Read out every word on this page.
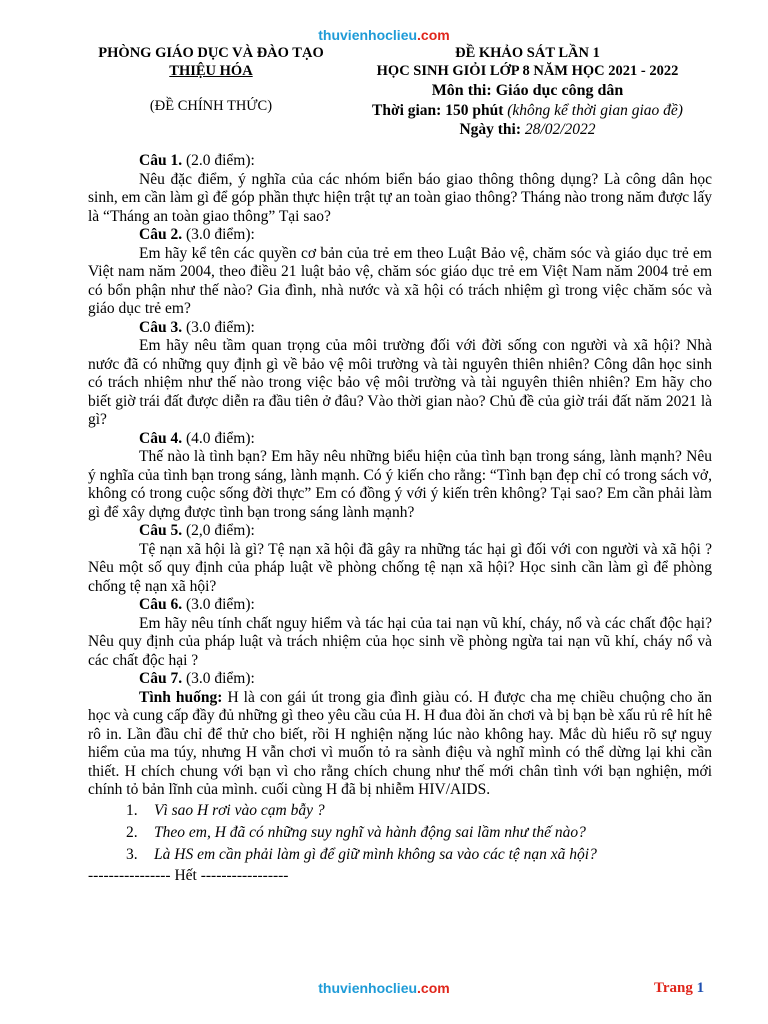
thuvienhoclieu.com
PHÒNG GIÁO DỤC VÀ ĐÀO TẠO
THIỆU HÓA
(ĐỀ CHÍNH THỨC)
ĐỀ KHẢO SÁT LẦN 1
HỌC SINH GIỎI LỚP 8 NĂM HỌC 2021 - 2022
Môn thi: Giáo dục công dân
Thời gian: 150 phút (không kể thời gian giao đề)
Ngày thi: 28/02/2022

Câu 1. (2.0 điểm):

Nêu đặc điểm, ý nghĩa của các nhóm biển báo giao thông thông dụng? Là công dân học sinh, em cần làm gì để góp phần thực hiện trật tự an toàn giao thông? Tháng nào trong năm được lấy là “Tháng an toàn giao thông” Tại sao?

Câu 2. (3.0 điểm):

Em hãy kể tên các quyền cơ bản của trẻ em theo Luật Bảo vệ, chăm sóc và giáo dục trẻ em Việt nam năm 2004, theo điều 21 luật bảo vệ, chăm sóc giáo dục trẻ em Việt Nam năm 2004 trẻ em có bổn phận như thế nào? Gia đình, nhà nước và xã hội có trách nhiệm gì trong việc chăm sóc và giáo dục trẻ em?

Câu 3. (3.0 điểm):

Em hãy nêu tầm quan trọng của môi trường đối với đời sống con người và xã hội? Nhà nước đã có những quy định gì về bảo vệ môi trường và tài nguyên thiên nhiên? Công dân học sinh có trách nhiệm như thế nào trong việc bảo vệ môi trường và tài nguyên thiên nhiên? Em hãy cho biết giờ trái đất được diễn ra đầu tiên ở đâu? Vào thời gian nào? Chủ đề của giờ trái đất năm 2021 là gì?

Câu 4. (4.0 điểm):

Thế nào là tình bạn? Em hãy nêu những biểu hiện của tình bạn trong sáng, lành mạnh? Nêu ý nghĩa của tình bạn trong sáng, lành mạnh. Có ý kiến cho rằng: “Tình bạn đẹp chỉ có trong sách vở, không có trong cuộc sống đời thực” Em có đồng ý với ý kiến trên không? Tại sao? Em cần phải làm gì để xây dựng được tình bạn trong sáng lành mạnh?

Câu 5. (2,0 điểm):

Tệ nạn xã hội là gì? Tệ nạn xã hội đã gây ra những tác hại gì đối với con người và xã hội ? Nêu một số quy định của pháp luật về phòng chống tệ nạn xã hội? Học sinh cần làm gì để phòng chống tệ nạn xã hội?

Câu 6. (3.0 điểm):

Em hãy nêu tính chất nguy hiểm và tác hại của tai nạn vũ khí, cháy, nổ và các chất độc hại? Nêu quy định của pháp luật và trách nhiệm của học sinh về phòng ngừa tai nạn vũ khí, cháy nổ và các chất độc hại ?

Câu 7. (3.0 điểm):

Tình huống: H là con gái út trong gia đình giàu có. H được cha mẹ chiều chuộng cho ăn học và cung cấp đầy đủ những gì theo yêu cầu của H. H đua đòi ăn chơi và bị bạn bè xấu rủ rê hít hê rô in. Lần đầu chỉ để thử cho biết, rồi H nghiện nặng lúc nào không hay. Mắc dù hiểu rõ sự nguy hiểm của ma túy, nhưng H vẫn chơi vì muốn tỏ ra sành điệu và nghĩ mình có thể dừng lại khi cần thiết. H chích chung với bạn vì cho rằng chích chung như thế mới chân tình với bạn nghiện, mới chính tỏ bản lĩnh của mình. cuối cùng H đã bị nhiễm HIV/AIDS.

1. Vì sao H rơi vào cạm bẫy ?
2. Theo em, H đã có những suy nghĩ và hành động sai lầm như thế nào?
3. Là HS em cần phải làm gì để giữ mình không sa vào các tệ nạn xã hội?

---------------- Hết -----------------

thuvienhoclieu.com	Trang 1
